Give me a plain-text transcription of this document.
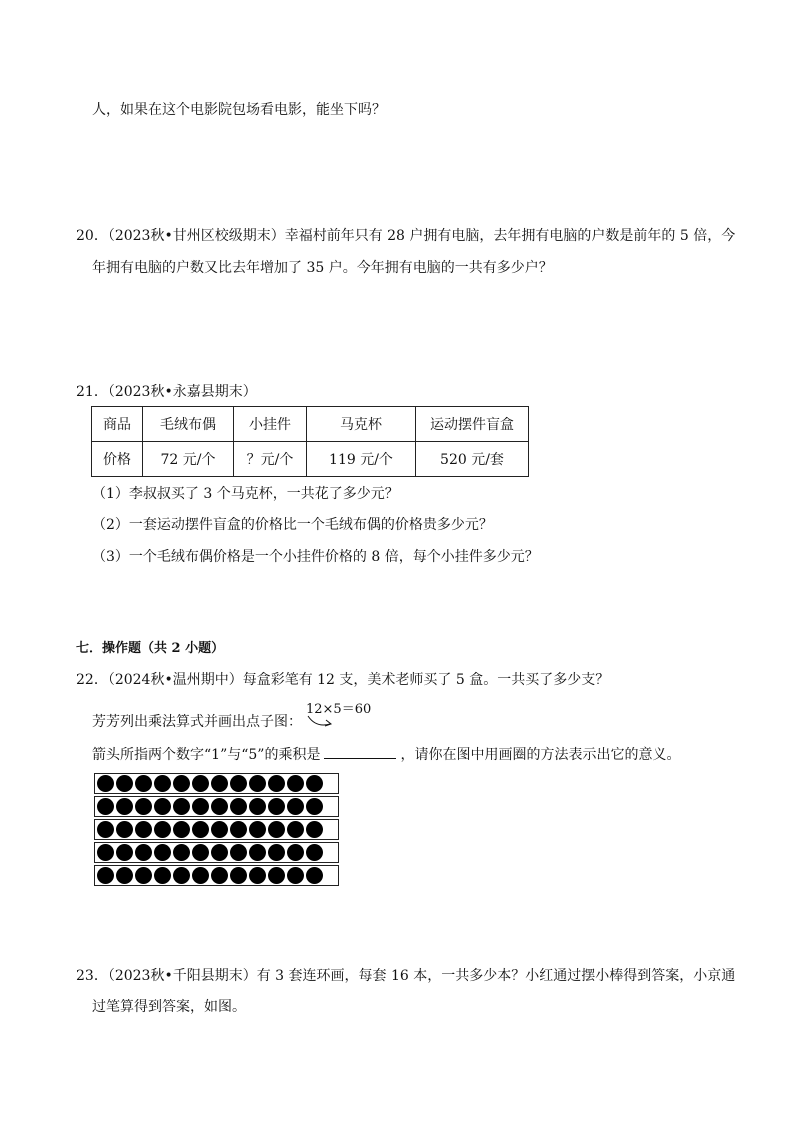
人，如果在这个电影院包场看电影，能坐下吗？
20．（2023秋•甘州区校级期末）幸福村前年只有 28 户拥有电脑，去年拥有电脑的户数是前年的 5 倍，今
年拥有电脑的户数又比去年增加了 35 户。今年拥有电脑的一共有多少户？
21．（2023秋•永嘉县期末）
商品	毛绒布偶	小挂件	马克杯	运动摆件盲盒
价格	72 元/个	？元/个	119 元/个	520 元/套
（1）李叔叔买了 3 个马克杯，一共花了多少元？
（2）一套运动摆件盲盒的价格比一个毛绒布偶的价格贵多少元？
（3）一个毛绒布偶价格是一个小挂件价格的 8 倍，每个小挂件多少元？
七．操作题（共 2 小题）
22．（2024秋•温州期中）每盒彩笔有 12 支，美术老师买了 5 盒。一共买了多少支？
芳芳列出乘法算式并画出点子图：
12×5＝60
箭头所指两个数字“1”与“5”的乘积是	，请你在图中用画圈的方法表示出它的意义。
23．（2023秋•千阳县期末）有 3 套连环画，每套 16 本，一共多少本？小红通过摆小棒得到答案，小京通
过笔算得到答案，如图。
